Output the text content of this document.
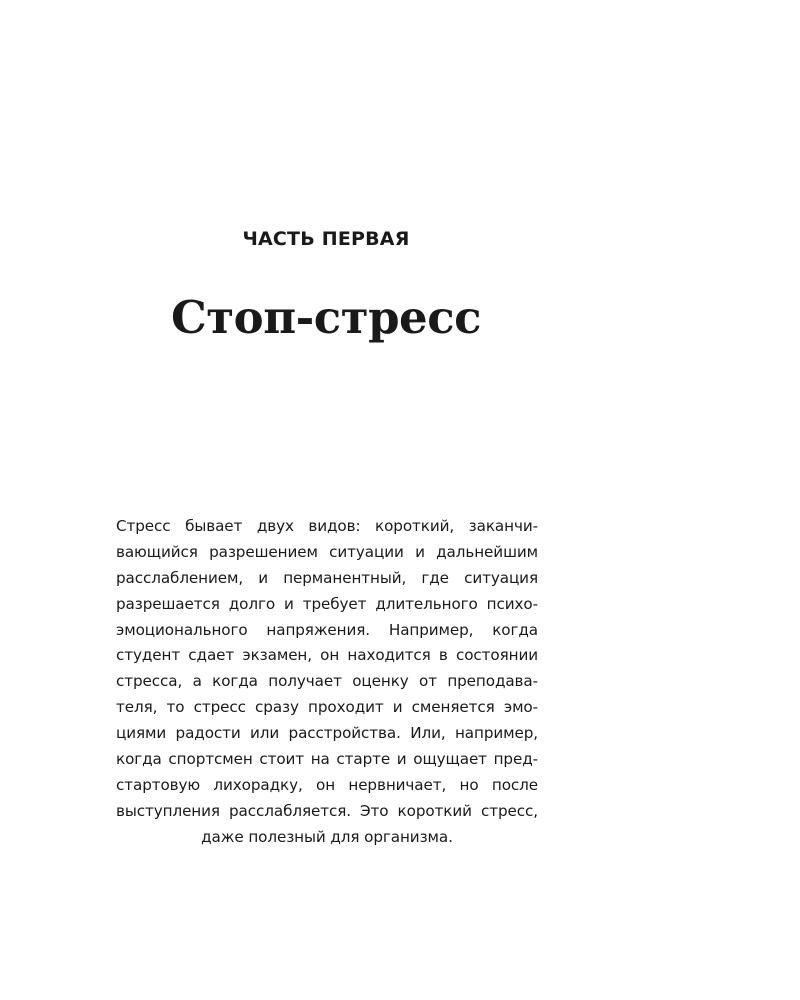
ЧАСТЬ ПЕРВАЯ
Стоп-стресс

Стресс бывает двух видов: короткий, заканчи-
вающийся разрешением ситуации и дальнейшим
расслаблением, и перманентный, где ситуация
разрешается долго и требует длительного психо-
эмоционального напряжения. Например, когда
студент сдает экзамен, он находится в состоянии
стресса, а когда получает оценку от преподава-
теля, то стресс сразу проходит и сменяется эмо-
циями радости или расстройства. Или, например,
когда спортсмен стоит на старте и ощущает пред-
стартовую лихорадку, он нервничает, но после
выступления расслабляется. Это короткий стресс,
даже полезный для организма.
